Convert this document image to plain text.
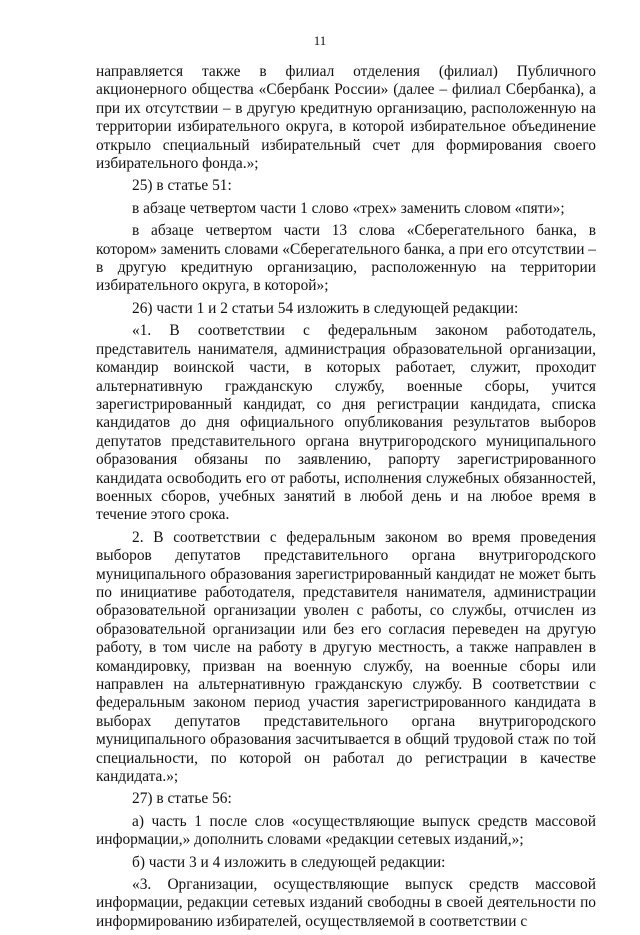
11

направляется также в филиал отделения (филиал) Публичного акционерного общества «Сбербанк России» (далее – филиал Сбербанка), а при их отсутствии – в другую кредитную организацию, расположенную на территории избирательного округа, в которой избирательное объединение открыло специальный избирательный счет для формирования своего избирательного фонда.»;

25) в статье 51:

в абзаце четвертом части 1 слово «трех» заменить словом «пяти»;

в абзаце четвертом части 13 слова «Сберегательного банка, в котором» заменить словами «Сберегательного банка, а при его отсутствии – в другую кредитную организацию, расположенную на территории избирательного округа, в которой»;

26) части 1 и 2 статьи 54 изложить в следующей редакции:

«1. В соответствии с федеральным законом работодатель, представитель нанимателя, администрация образовательной организации, командир воинской части, в которых работает, служит, проходит альтернативную гражданскую службу, военные сборы, учится зарегистрированный кандидат, со дня регистрации кандидата, списка кандидатов до дня официального опубликования результатов выборов депутатов представительного органа внутригородского муниципального образования обязаны по заявлению, рапорту зарегистрированного кандидата освободить его от работы, исполнения служебных обязанностей, военных сборов, учебных занятий в любой день и на любое время в течение этого срока.

2. В соответствии с федеральным законом во время проведения выборов депутатов представительного органа внутригородского муниципального образования зарегистрированный кандидат не может быть по инициативе работодателя, представителя нанимателя, администрации образовательной организации уволен с работы, со службы, отчислен из образовательной организации или без его согласия переведен на другую работу, в том числе на работу в другую местность, а также направлен в командировку, призван на военную службу, на военные сборы или направлен на альтернативную гражданскую службу. В соответствии с федеральным законом период участия зарегистрированного кандидата в выборах депутатов представительного органа внутригородского муниципального образования засчитывается в общий трудовой стаж по той специальности, по которой он работал до регистрации в качестве кандидата.»;

27) в статье 56:

а) часть 1 после слов «осуществляющие выпуск средств массовой информации,» дополнить словами «редакции сетевых изданий,»;

б) части 3 и 4 изложить в следующей редакции:

«3. Организации, осуществляющие выпуск средств массовой информации, редакции сетевых изданий свободны в своей деятельности по информированию избирателей, осуществляемой в соответствии с
